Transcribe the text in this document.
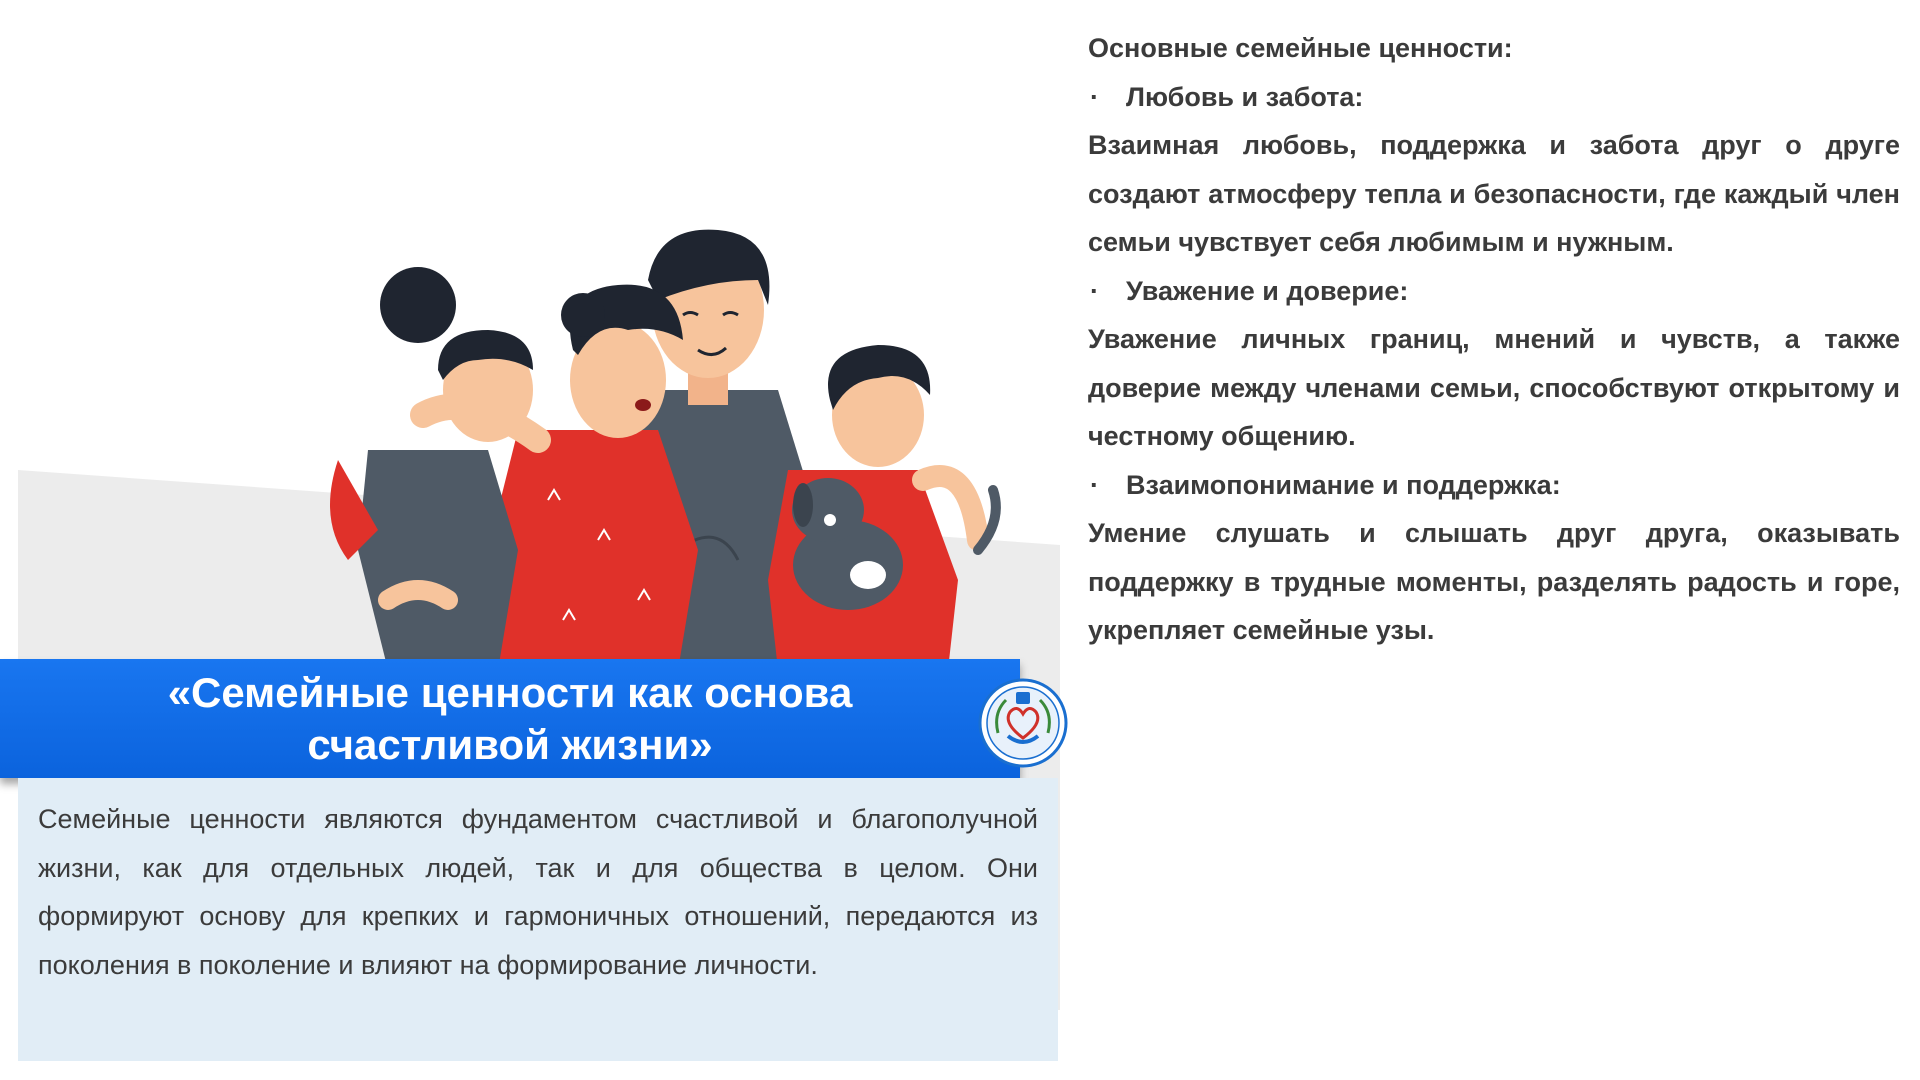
«Семейные ценности как основа
счастливой жизни»

Семейные ценности являются фундаментом счастливой и благополучной жизни, как для отдельных людей, так и для общества в целом. Они формируют основу для крепких и гармоничных отношений, передаются из поколения в поколение и влияют на формирование личности.

Основные семейные ценности:

·	Любовь и забота:

Взаимная любовь, поддержка и забота друг о друге создают атмосферу тепла и безопасности, где каждый член семьи чувствует себя любимым и нужным.

·	Уважение и доверие:

Уважение личных границ, мнений и чувств, а также доверие между членами семьи, способствуют открытому и честному общению.

·	Взаимопонимание и поддержка:

Умение слушать и слышать друг друга, оказывать поддержку в трудные моменты, разделять радость и горе, укрепляет семейные узы.
